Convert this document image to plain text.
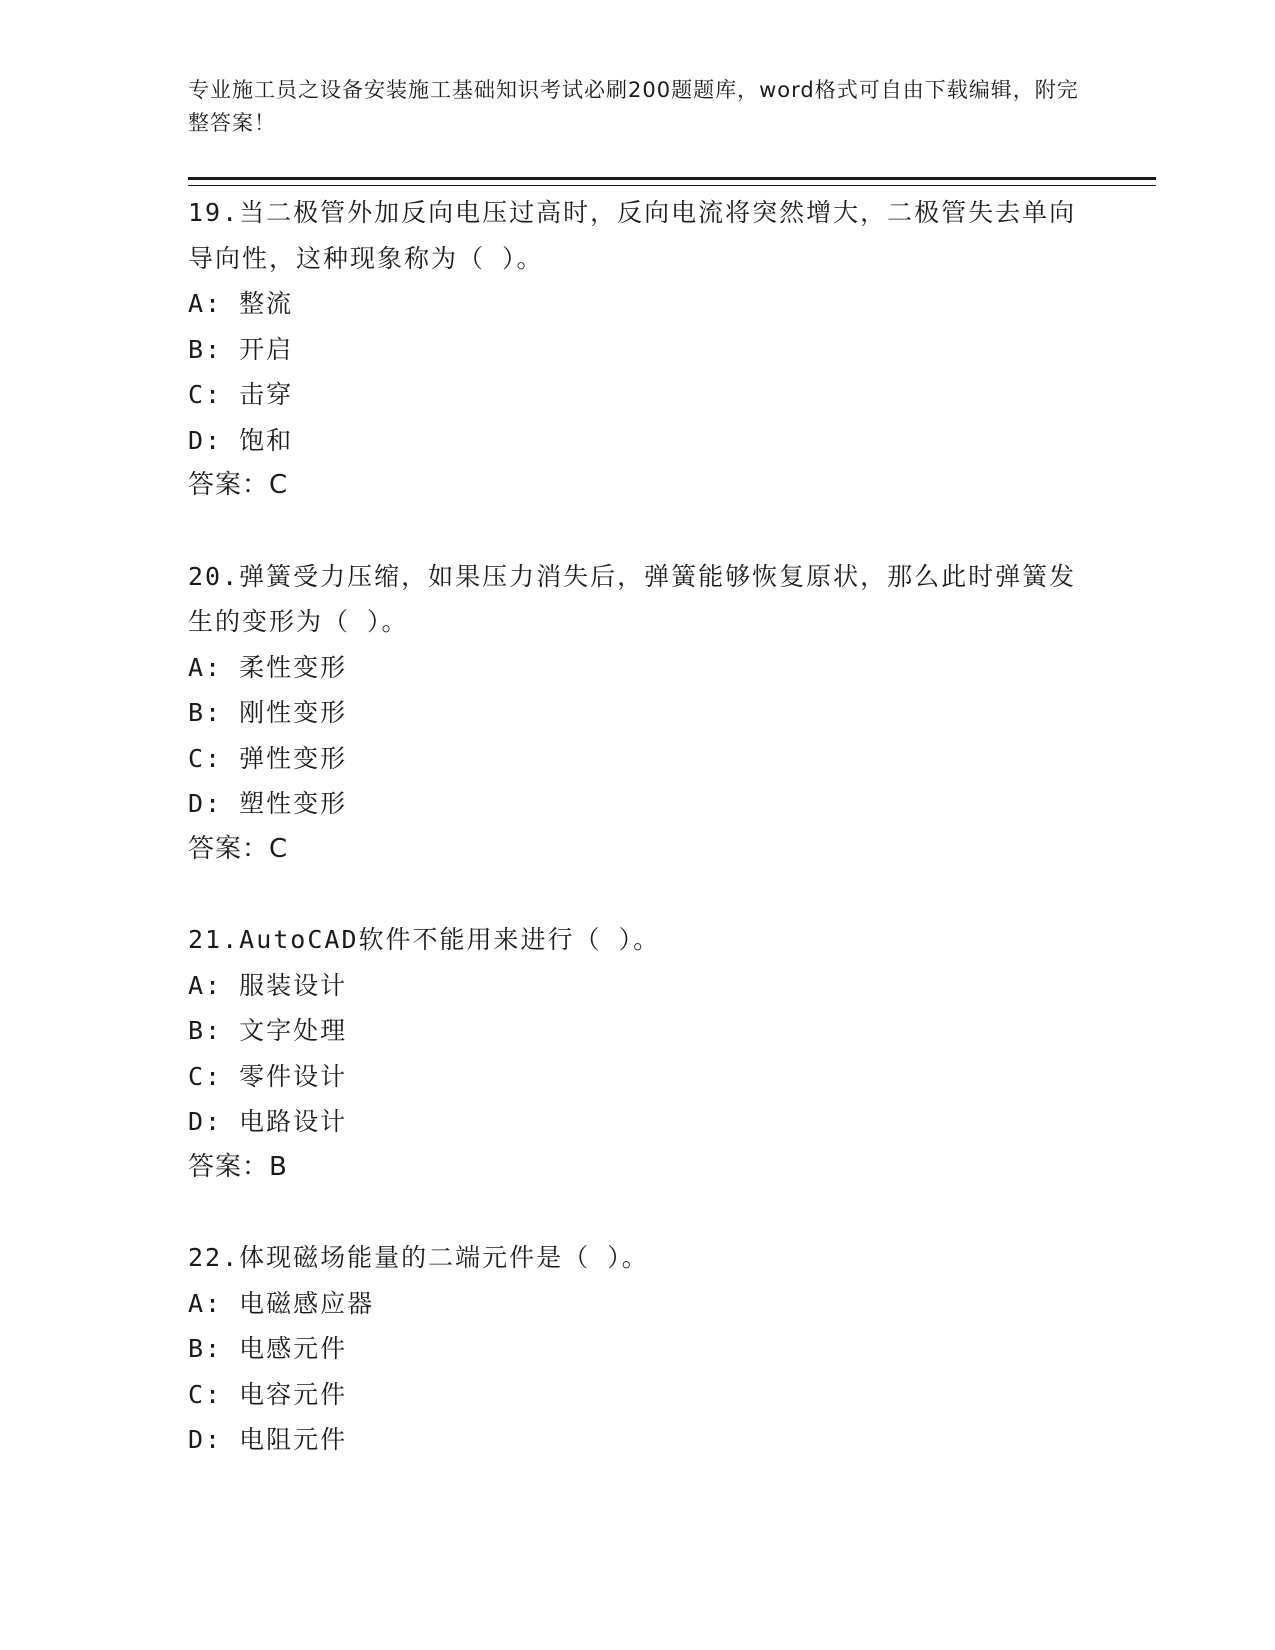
专业施工员之设备安装施工基础知识考试必刷200题题库，word格式可自由下载编辑，附完整答案！
19.当二极管外加反向电压过高时，反向电流将突然增大，二极管失去单向导向性，这种现象称为（ ）。
A: 整流
B: 开启
C: 击穿
D: 饱和
答案：C
20.弹簧受力压缩，如果压力消失后，弹簧能够恢复原状，那么此时弹簧发生的变形为（ ）。
A: 柔性变形
B: 刚性变形
C: 弹性变形
D: 塑性变形
答案：C
21.AutoCAD软件不能用来进行（ ）。
A: 服装设计
B: 文字处理
C: 零件设计
D: 电路设计
答案：B
22.体现磁场能量的二端元件是（ ）。
A: 电磁感应器
B: 电感元件
C: 电容元件
D: 电阻元件
